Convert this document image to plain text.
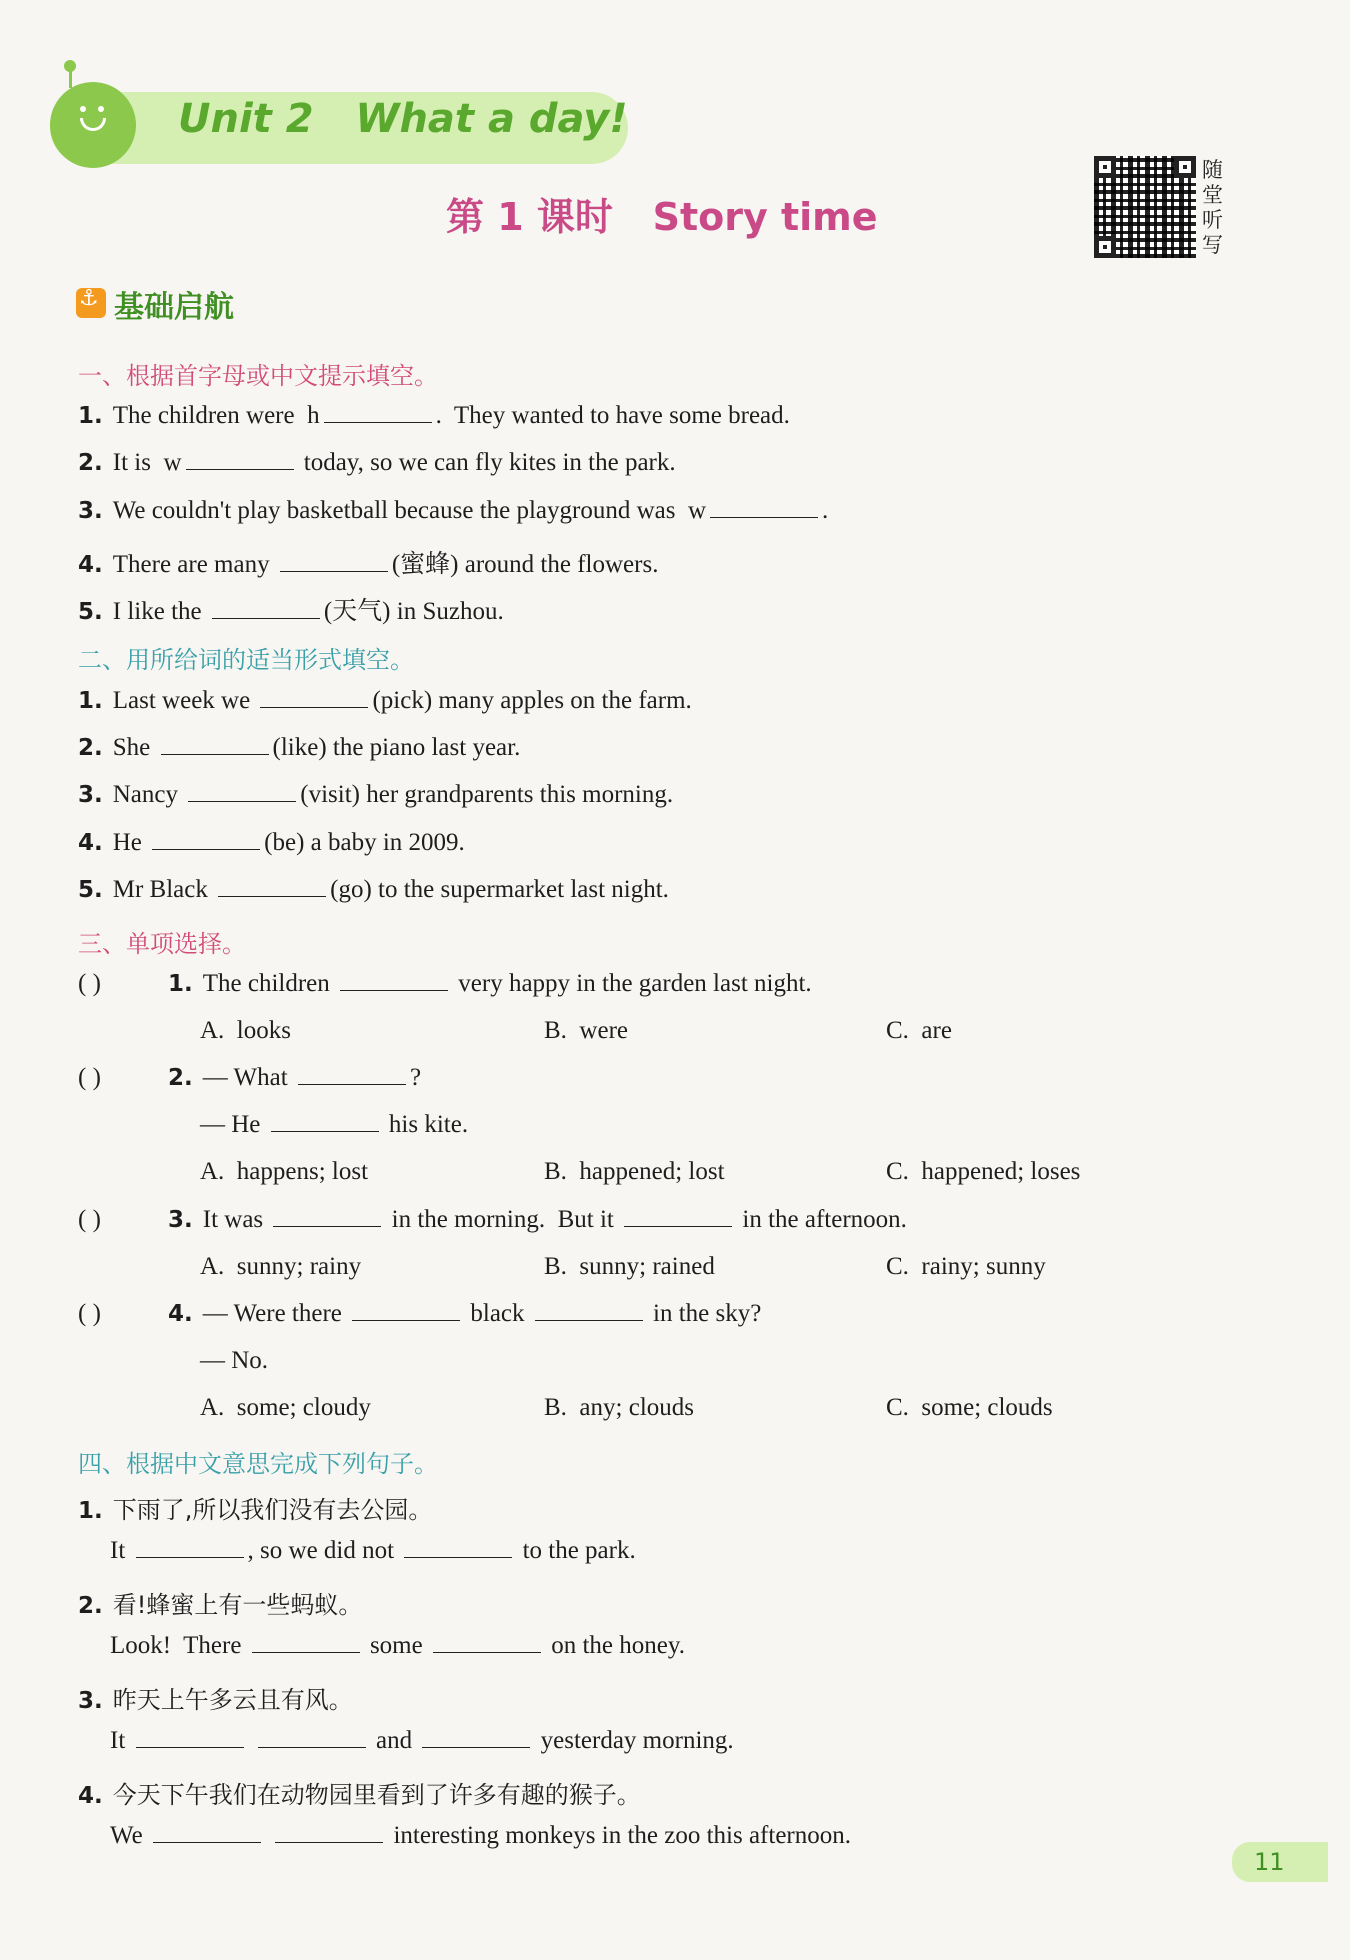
Unit 2   What a day!
第 1 课时   Story time
随堂听写
⚓
基础启航
一、根据首字母或中文提示填空。
1. The children were  h	.  They wanted to have some bread.
2. It is  w	today, so we can fly kites in the park.
3. We couldn't play basketball because the playground was  w	.
4. There are many	(蜜蜂) around the flowers.
5. I like the	(天气) in Suzhou.
二、用所给词的适当形式填空。
1. Last week we	(pick) many apples on the farm.
2. She	(like) the piano last year.
3. Nancy	(visit) her grandparents this morning.
4. He	(be) a baby in 2009.
5. Mr Black	(go) to the supermarket last night.
三、单项选择。
( )	1. The children	very happy in the garden last night.
A.  looks	B.  were	C.  are
( )	2. — What	?
— He	his kite.
A.  happens; lost	B.  happened; lost	C.  happened; loses
( )	3. It was	in the morning.  But it	in the afternoon.
A.  sunny; rainy	B.  sunny; rained	C.  rainy; sunny
( )	4. — Were there	black	in the sky?
— No.
A.  some; cloudy	B.  any; clouds	C.  some; clouds
四、根据中文意思完成下列句子。
1. 下雨了,所以我们没有去公园。
It	, so we did not	to the park.
2. 看!蜂蜜上有一些蚂蚁。
Look!  There	some	on the honey.
3. 昨天上午多云且有风。
It	and	yesterday morning.
4. 今天下午我们在动物园里看到了许多有趣的猴子。
We	interesting monkeys in the zoo this afternoon.
11
